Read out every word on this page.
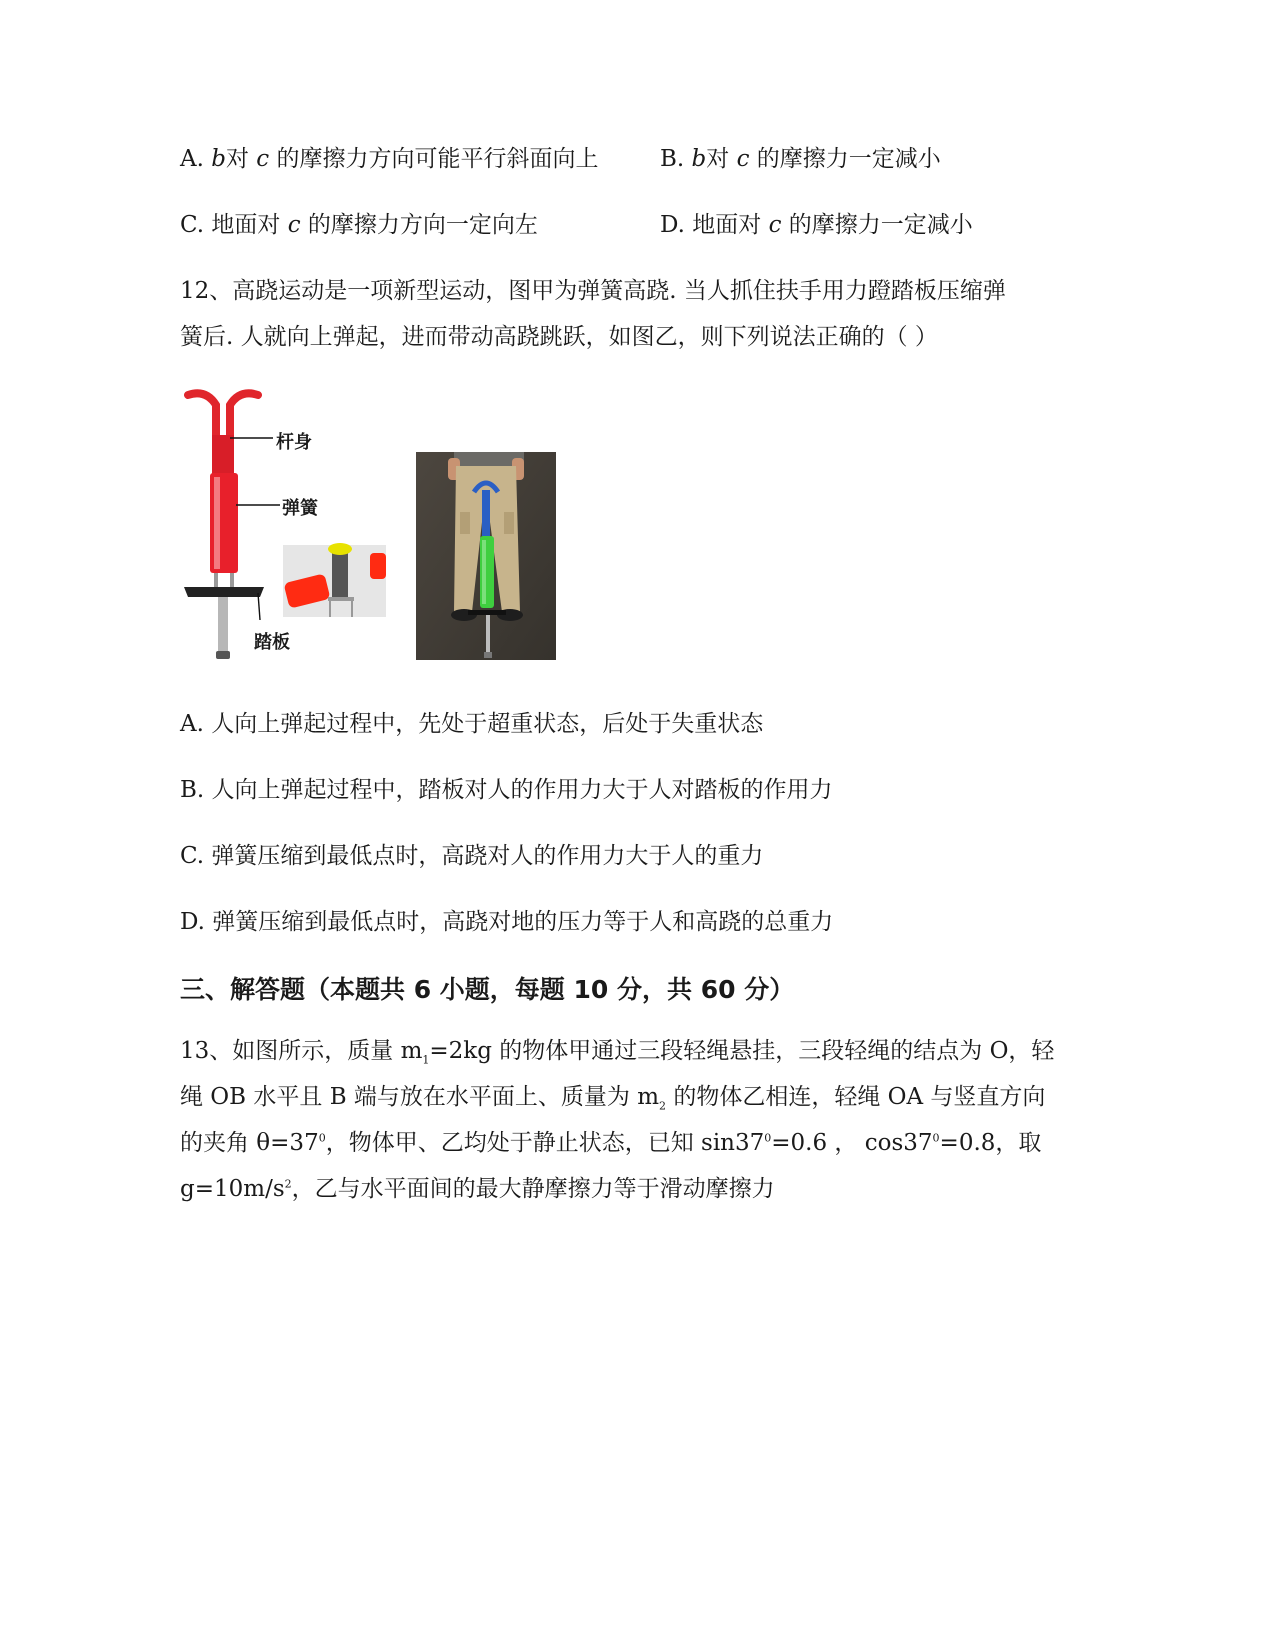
A. b对 c 的摩擦力方向可能平行斜面向上	B. b对 c 的摩擦力一定减小
C. 地面对 c 的摩擦力方向一定向左	D. 地面对 c 的摩擦力一定减小
12、高跷运动是一项新型运动，图甲为弹簧高跷. 当人抓住扶手用力蹬踏板压缩弹
簧后. 人就向上弹起，进而带动高跷跳跃，如图乙，则下列说法正确的（ ）
杆身
弹簧
踏板
A. 人向上弹起过程中，先处于超重状态，后处于失重状态
B. 人向上弹起过程中，踏板对人的作用力大于人对踏板的作用力
C. 弹簧压缩到最低点时，高跷对人的作用力大于人的重力
D. 弹簧压缩到最低点时，高跷对地的压力等于人和高跷的总重力
三、解答题（本题共 6 小题，每题 10 分，共 60 分）
13、如图所示，质量 $m_1=2kg$ 的物体甲通过三段轻绳悬挂，三段轻绳的结点为 O，轻
绳 OB 水平且 B 端与放在水平面上、质量为 $m_2$ 的物体乙相连，轻绳 OA 与竖直方向
的夹角 $\theta=37^0$，物体甲、乙均处于静止状态，已知 $\sin 37^0=0.6$ ， $\cos 37^0=0.8$，取
$g=10m/s^2$，乙与水平面间的最大静摩擦力等于滑动摩擦力
